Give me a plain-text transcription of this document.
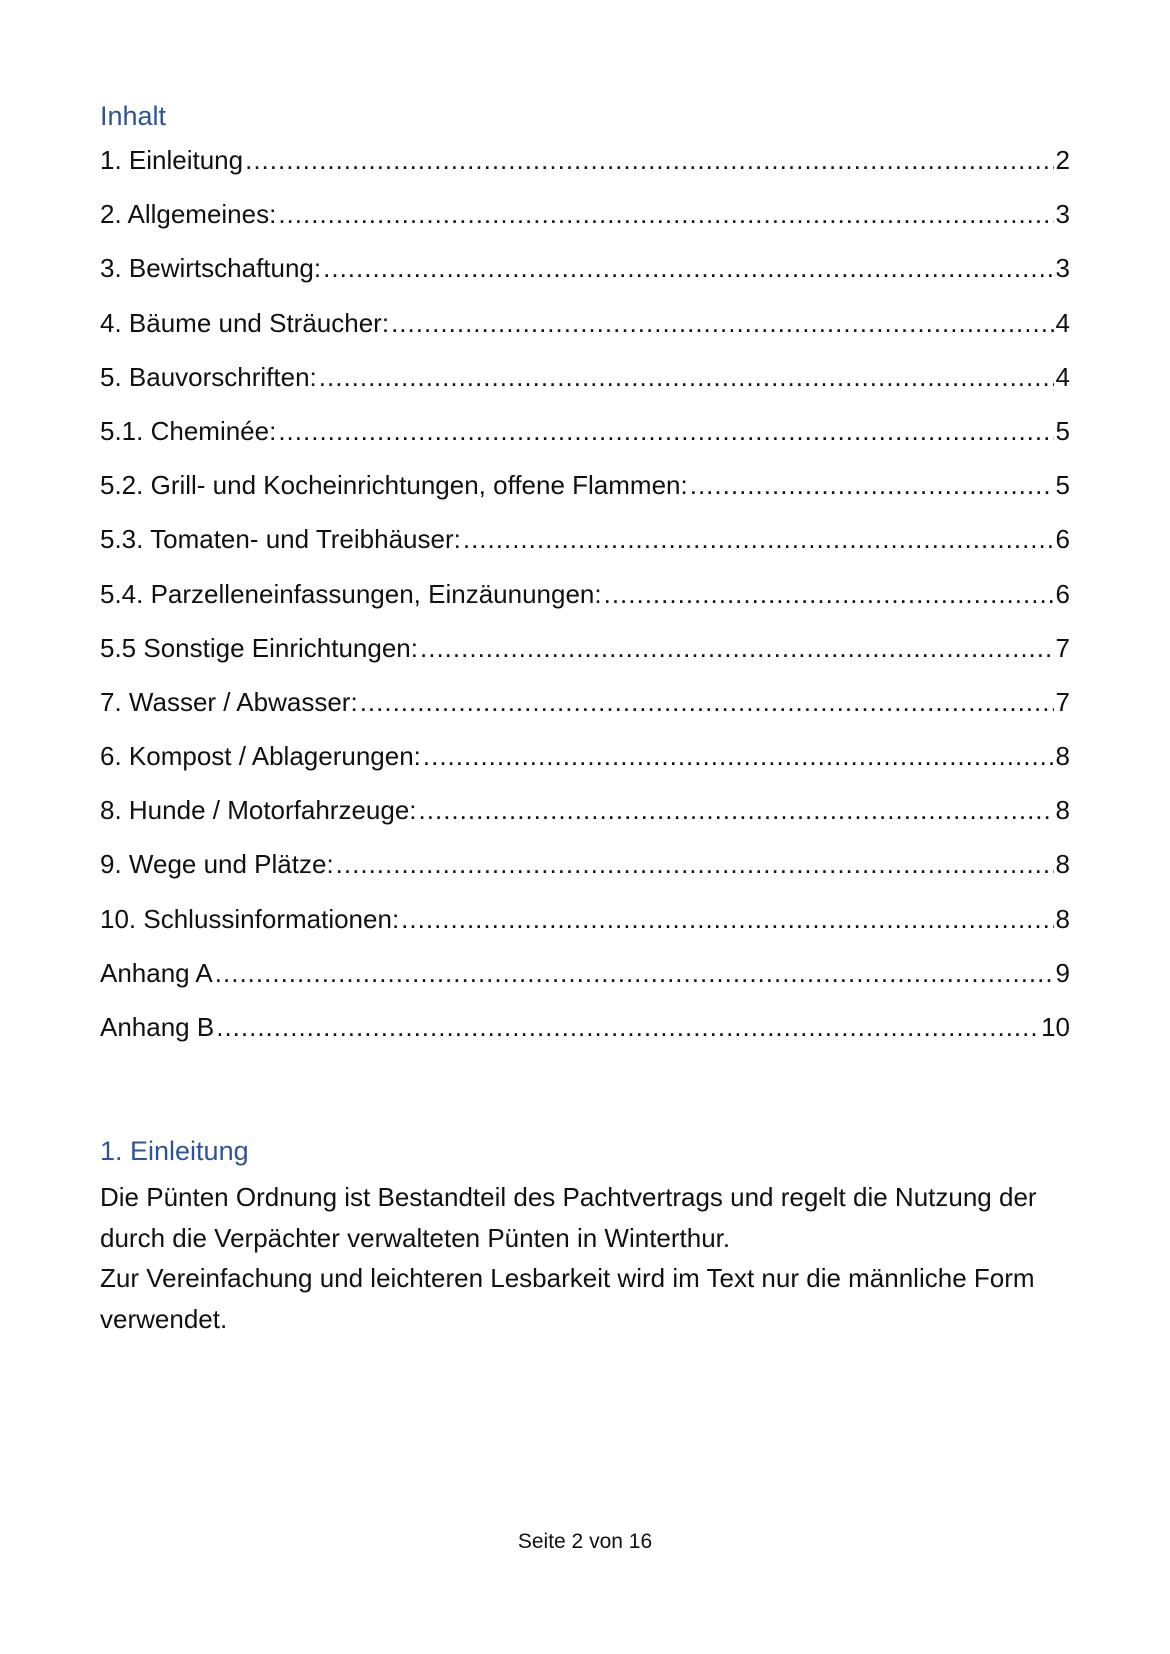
Inhalt
1. Einleitung .....	2
2. Allgemeines: .....	3
3. Bewirtschaftung: .....	3
4. Bäume und Sträucher: .....	4
5. Bauvorschriften: .....	4
5.1. Cheminée: .....	5
5.2. Grill- und Kocheinrichtungen, offene Flammen: .....	5
5.3. Tomaten- und Treibhäuser: .....	6
5.4. Parzelleneinfassungen, Einzäunungen: .....	6
5.5 Sonstige Einrichtungen: .....	7
7. Wasser / Abwasser: .....	7
6. Kompost / Ablagerungen: .....	8
8. Hunde / Motorfahrzeuge: .....	8
9. Wege und Plätze: .....	8
10. Schlussinformationen: .....	8
Anhang A .....	9
Anhang B .....	10
1. Einleitung

Die Pünten Ordnung ist Bestandteil des Pachtvertrags und regelt die Nutzung der durch die Verpächter verwalteten Pünten in Winterthur.

Zur Vereinfachung und leichteren Lesbarkeit wird im Text nur die männliche Form verwendet.

Seite 2 von 16
